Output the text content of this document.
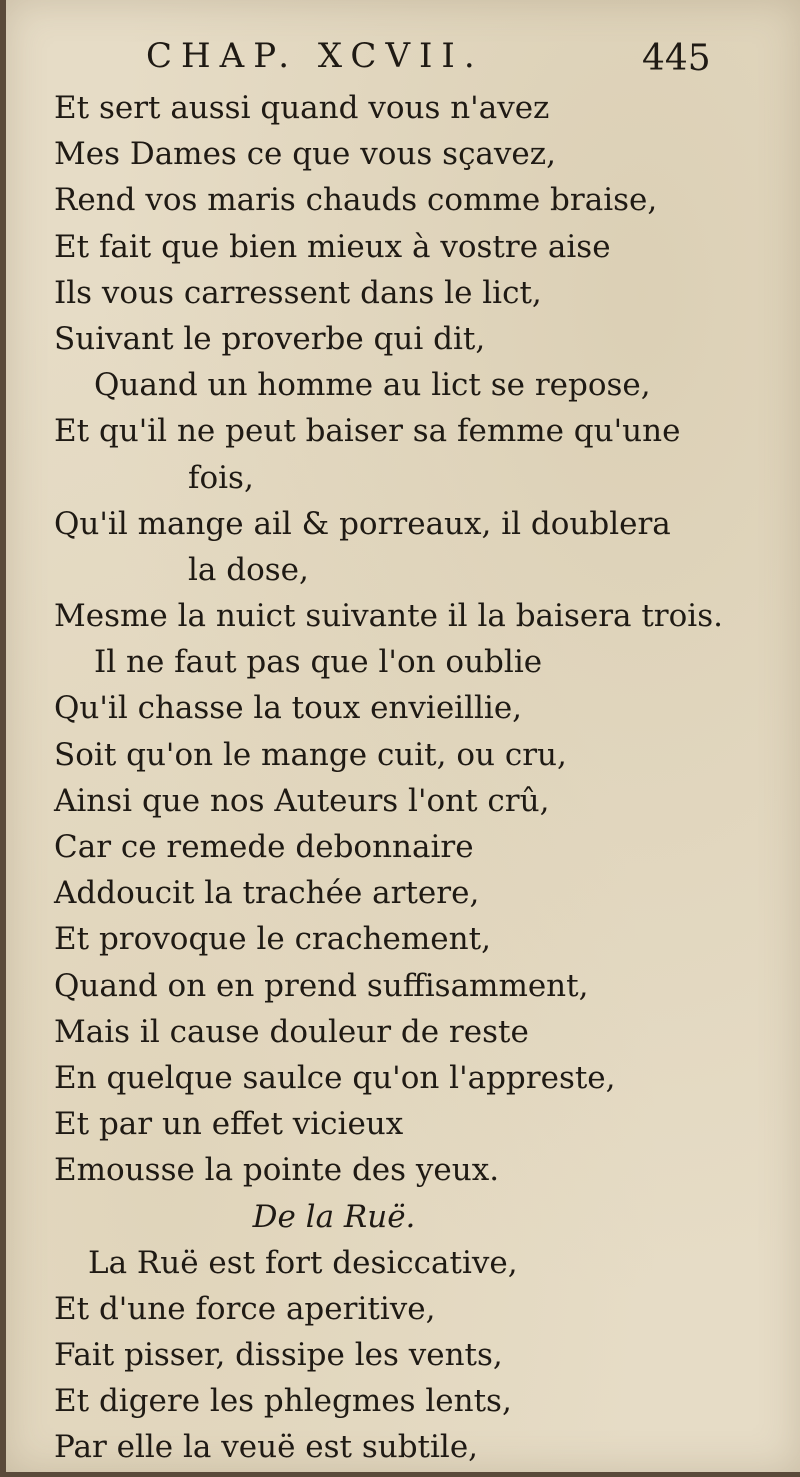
CHAP. XCVII.	445
Et sert aussi quand vous n'avez
Mes Dames ce que vous sçavez,
Rend vos maris chauds comme braise,
Et fait que bien mieux à vostre aise
Ils vous carressent dans le lict,
Suivant le proverbe qui dit,
Quand un homme au lict se repose,
Et qu'il ne peut baiser sa femme qu'une
fois,
Qu'il mange ail & porreaux, il doublera
la dose,
Mesme la nuict suivante il la baisera trois.
Il ne faut pas que l'on oublie
Qu'il chasse la toux envieillie,
Soit qu'on le mange cuit, ou cru,
Ainsi que nos Auteurs l'ont crû,
Car ce remede debonnaire
Addoucit la trachée artere,
Et provoque le crachement,
Quand on en prend suffisamment,
Mais il cause douleur de reste
En quelque saulce qu'on l'appreste,
Et par un effet vicieux
Emousse la pointe des yeux.
De la Ruë.
La Ruë est fort desiccative,
Et d'une force aperitive,
Fait pisser, dissipe les vents,
Et digere les phlegmes lents,
Par elle la veuë est subtile,
